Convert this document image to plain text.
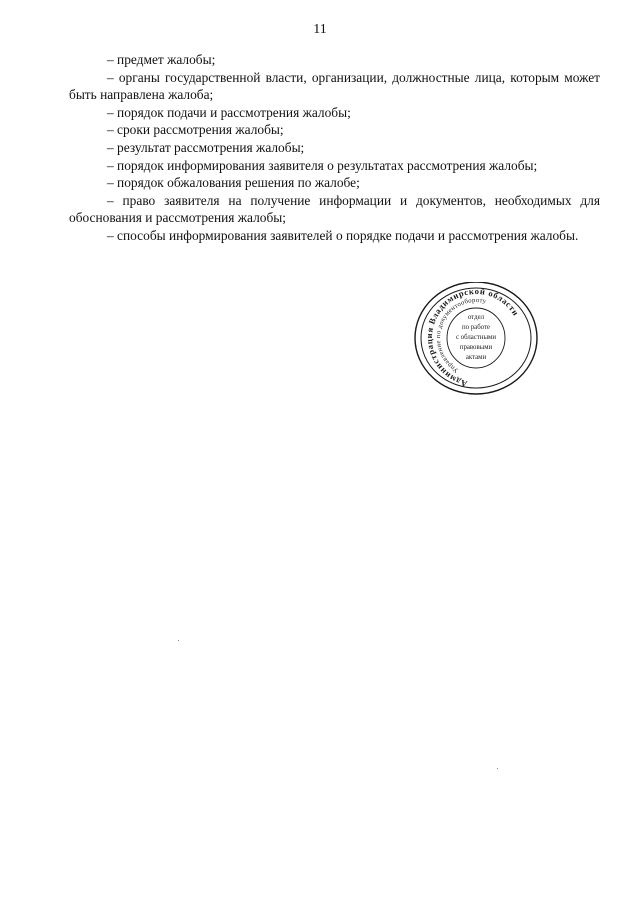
11

– предмет жалобы;

– органы государственной власти, организации, должностные лица, которым может быть направлена жалоба;

– порядок подачи и рассмотрения жалобы;

– сроки рассмотрения жалобы;

– результат рассмотрения жалобы;

– порядок информирования заявителя о результатах рассмотрения жалобы;

– порядок обжалования решения по жалобе;

– право заявителя на получение информации и документов, необходимых для обоснования и рассмотрения жалобы;

– способы информирования заявителей о порядке подачи и рассмотрения жалобы.

Администрация Владимирской области
Управление по документообороту
отдел
по работе
с областными
правовыми
актами
